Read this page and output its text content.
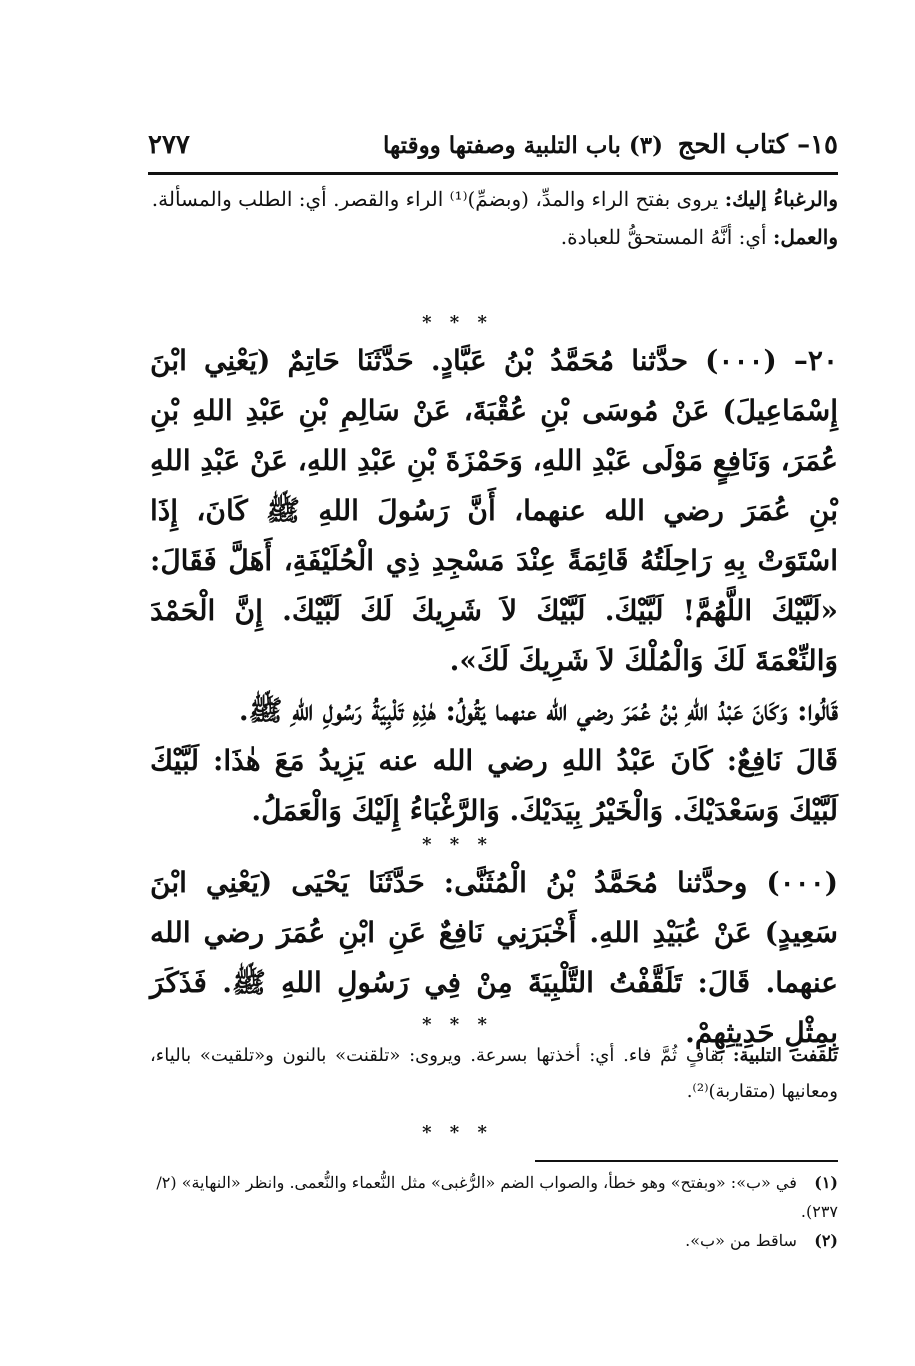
١٥– كتاب الحج
(٣) باب التلبية وصفتها ووقتها
٢٧٧

والرغباءُ إليك: يروى بفتح الراء والمدِّ، (وبضمِّ)⁽¹⁾ الراء والقصر. أي: الطلب والمسألة.

والعمل: أي: أنَّهُ المستحقُّ للعبادة.

* * *

٢٠– (٠٠٠) حدَّثنا مُحَمَّدُ بْنُ عَبَّادٍ. حَدَّثَنَا حَاتِمٌ (يَعْنِي ابْنَ إِسْمَاعِيلَ) عَنْ مُوسَى بْنِ عُقْبَةَ، عَنْ سَالِمِ بْنِ عَبْدِ اللهِ بْنِ عُمَرَ، وَنَافِعٍ مَوْلَى عَبْدِ اللهِ، وَحَمْزَةَ بْنِ عَبْدِ اللهِ، عَنْ عَبْدِ اللهِ بْنِ عُمَرَ رضي الله عنهما، أَنَّ رَسُولَ اللهِ ﷺ كَانَ، إِذَا اسْتَوَتْ بِهِ رَاحِلَتُهُ قَائِمَةً عِنْدَ مَسْجِدِ ذِي الْحُلَيْفَةِ، أَهَلَّ فَقَالَ: «لَبَّيْكَ اللَّهُمَّ! لَبَّيْكَ. لَبَّيْكَ لاَ شَرِيكَ لَكَ لَبَّيْكَ. إِنَّ الْحَمْدَ وَالنِّعْمَةَ لَكَ وَالْمُلْكَ لاَ شَرِيكَ لَكَ».

قَالُوا: وَكَانَ عَبْدُ اللهِ بْنُ عُمَرَ رضي الله عنهما يَقُولُ: هٰذِهِ تَلْبِيَةُ رَسُولِ اللهِ ﷺ.

قَالَ نَافِعٌ: كَانَ عَبْدُ اللهِ رضي الله عنه يَزِيدُ مَعَ هٰذَا: لَبَّيْكَ لَبَّيْكَ وَسَعْدَيْكَ. وَالْخَيْرُ بِيَدَيْكَ. وَالرَّغْبَاءُ إِلَيْكَ وَالْعَمَلُ.

* * *

(٠٠٠) وحدَّثنا مُحَمَّدُ بْنُ الْمُثَنَّى: حَدَّثَنَا يَحْيَى (يَعْنِي ابْنَ سَعِيدٍ) عَنْ عُبَيْدِ اللهِ. أَخْبَرَنِي نَافِعٌ عَنِ ابْنِ عُمَرَ رضي الله عنهما. قَالَ: تَلَقَّفْتُ التَّلْبِيَةَ مِنْ فِي رَسُولِ اللهِ ﷺ. فَذَكَرَ بِمِثْلِ حَدِيثِهِمْ.

* * *

تلقفت التلبية: بقافٍ ثُمَّ فاء. أي: أخذتها بسرعة. ويروى: «تلقنت» بالنون و«تلقيت» بالياء، ومعانيها (متقاربة)⁽²⁾.

* * *

(١) في «ب»: «وبفتح» وهو خطأ، والصواب الضم «الرُّغبى» مثل النُّعماء والنُّعمى. وانظر «النهاية» (٢/ ٢٣٧).

(٢) ساقط من «ب».
